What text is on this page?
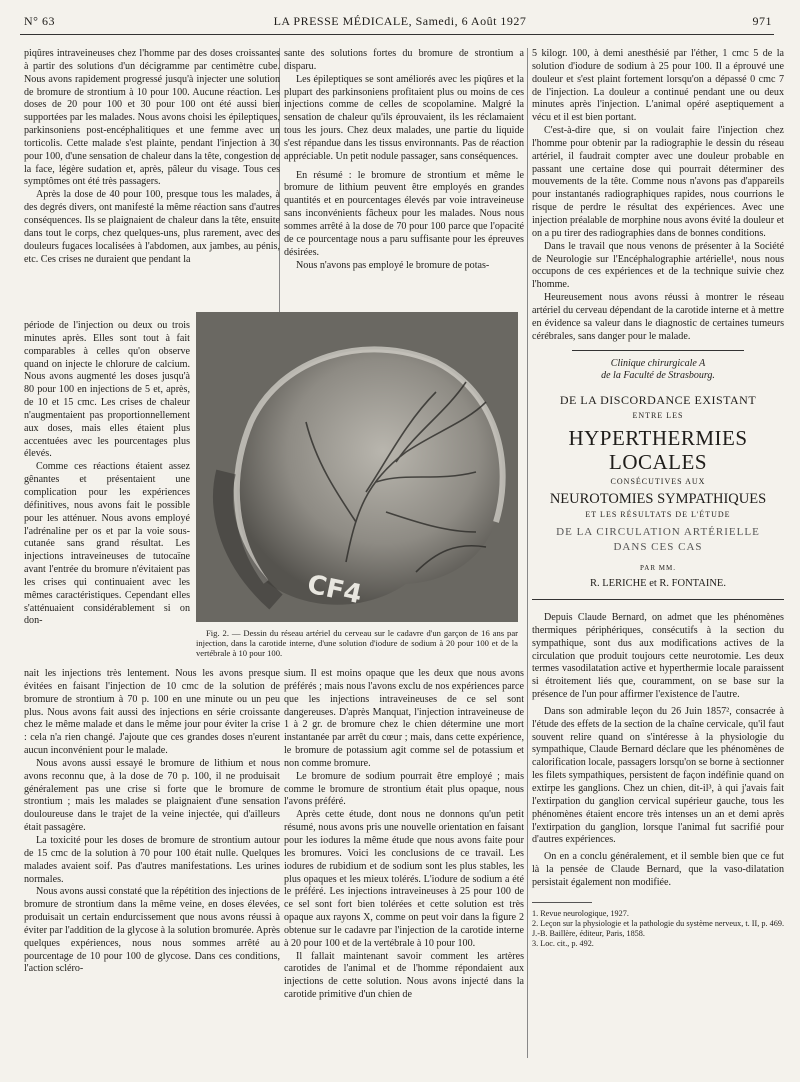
N° 63	LA PRESSE MÉDICALE, Samedi, 6 Août 1927	971

piqûres intraveineuses chez l'homme par des doses croissantes à partir des solutions d'un décigramme par centimètre cube. Nous avons rapidement progressé jusqu'à injecter une solution de bromure de strontium à 10 pour 100. Aucune réaction. Les doses de 20 pour 100 et 30 pour 100 ont été aussi bien supportées par les malades. Nous avons choisi les épileptiques, parkinsoniens post-encéphalitiques et une femme avec un torticolis. Cette malade s'est plainte, pendant l'injection à 30 pour 100, d'une sensation de chaleur dans la tête, congestion de la face, légère sudation et, après, pâleur du visage. Tous ces symptômes ont été très passagers.

Après la dose de 40 pour 100, presque tous les malades, à des degrés divers, ont manifesté la même réaction sans d'autres conséquences. Ils se plaignaient de chaleur dans la tête, ensuite dans tout le corps, chez quelques-uns, plus rarement, avec des douleurs fugaces localisées à l'abdomen, aux jambes, au pénis, etc. Ces crises ne duraient que pendant la

période de l'injection ou deux ou trois minutes après. Elles sont tout à fait comparables à celles qu'on observe quand on injecte le chlorure de calcium. Nous avons augmenté les doses jusqu'à 80 pour 100 en injections de 5 et, après, de 10 et 15 cmc. Les crises de chaleur n'augmentaient pas proportionnellement aux doses, mais elles étaient plus accentuées avec les pourcentages plus élevés.

Comme ces réactions étaient assez gênantes et présentaient une complication pour les expériences définitives, nous avons fait le possible pour les atténuer. Nous avons employé l'adrénaline per os et par la voie sous-cutanée sans grand résultat. Les injections intraveineuses de tutocaïne avant l'entrée du bromure n'évitaient pas les crises qui continuaient avec les mêmes caractéristiques. Cependant elles s'atténuaient considérablement si on don-

sante des solutions fortes du bromure de strontium a disparu.

Les épileptiques se sont améliorés avec les piqûres et la plupart des parkinsoniens profitaient plus ou moins de ces injections comme de celles de scopolamine. Malgré la sensation de chaleur qu'ils éprouvaient, ils les réclamaient tous les jours. Chez deux malades, une partie du liquide s'est répandue dans les tissus environnants. Pas de réaction appréciable. Un petit nodule passager, sans conséquences.

En résumé : le bromure de strontium et même le bromure de lithium peuvent être employés en grandes quantités et en pourcentages élevés par voie intraveineuse sans inconvénients fâcheux pour les malades. Nous nous sommes arrêté à la dose de 70 pour 100 parce que l'opacité de ce pourcentage nous a paru suffisante pour les épreuves désirées.

Nous n'avons pas employé le bromure de potas-

CF4

Fig. 2. — Dessin du réseau artériel du cerveau sur le cadavre d'un garçon de 16 ans par injection, dans la carotide interne, d'une solution d'iodure de sodium à 20 pour 100 et de la vertébrale à 10 pour 100.

nait les injections très lentement. Nous les avons presque évitées en faisant l'injection de 10 cmc de la solution de bromure de strontium à 70 p. 100 en une minute ou un peu plus. Nous avons fait aussi des injections en série croissante chez le même malade et dans le même jour pour éviter la crise : cela n'a rien changé. J'ajoute que ces grandes doses n'eurent aucun inconvénient pour le malade.

Nous avons aussi essayé le bromure de lithium et nous avons reconnu que, à la dose de 70 p. 100, il ne produisait généralement pas une crise si forte que le bromure de strontium ; mais les malades se plaignaient d'une sensation douloureuse dans le trajet de la veine injectée, qui d'ailleurs était passagère.

La toxicité pour les doses de bromure de strontium autour de 15 cmc de la solution à 70 pour 100 était nulle. Quelques malades avaient soif. Pas d'autres manifestations. Les urines normales.

Nous avons aussi constaté que la répétition des injections de bromure de strontium dans la même veine, en doses élevées, produisait un certain endurcissement que nous avons réussi à éviter par l'addition de la glycose à la solution bromurée. Après quelques expériences, nous nous sommes arrêté au pourcentage de 10 pour 100 de glycose. Dans ces conditions, l'action scléro-

sium. Il est moins opaque que les deux que nous avons préférés ; mais nous l'avons exclu de nos expériences parce que les injections intraveineuses de ce sel sont dangereuses. D'après Manquat, l'injection intraveineuse de 1 à 2 gr. de bromure chez le chien détermine une mort instantanée par arrêt du cœur ; mais, dans cette expérience, le bromure de potassium agit comme sel de potassium et non comme bromure.

Le bromure de sodium pourrait être employé ; mais comme le bromure de strontium était plus opaque, nous l'avons préféré.

Après cette étude, dont nous ne donnons qu'un petit résumé, nous avons pris une nouvelle orientation en faisant pour les iodures la même étude que nous avons faite pour les bromures. Voici les conclusions de ce travail. Les iodures de rubidium et de sodium sont les plus stables, les plus opaques et les mieux tolérés. L'iodure de sodium a été le préféré. Les injections intraveineuses à 25 pour 100 de ce sel sont fort bien tolérées et cette solution est très opaque aux rayons X, comme on peut voir dans la figure 2 obtenue sur le cadavre par l'injection de la carotide interne à 20 pour 100 et de la vertébrale à 10 pour 100.

Il fallait maintenant savoir comment les artères carotides de l'animal et de l'homme répondaient aux injections de cette solution. Nous avons injecté dans la carotide primitive d'un chien de

5 kilogr. 100, à demi anesthésié par l'éther, 1 cmc 5 de la solution d'iodure de sodium à 25 pour 100. Il a éprouvé une douleur et s'est plaint fortement lorsqu'on a dépassé 0 cmc 7 de l'injection. La douleur a continué pendant une ou deux minutes après l'injection. L'animal opéré aseptiquement a vécu et il est bien portant.

C'est-à-dire que, si on voulait faire l'injection chez l'homme pour obtenir par la radiographie le dessin du réseau artériel, il faudrait compter avec une douleur probable en passant une certaine dose qui pourrait déterminer des mouvements de la tête. Comme nous n'avons pas d'appareils pour instantanés radiographiques rapides, nous courrions le risque de perdre le résultat des expériences. Avec une injection préalable de morphine nous avons évité la douleur et on a pu tirer des radiographies dans de bonnes conditions.

Dans le travail que nous venons de présenter à la Société de Neurologie sur l'Encéphalographie artérielle¹, nous nous occupons de ces expériences et de la technique suivie chez l'homme.

Heureusement nous avons réussi à montrer le réseau artériel du cerveau dépendant de la carotide interne et à mettre en évidence sa valeur dans le diagnostic de certaines tumeurs cérébrales, sans danger pour le malade.

Clinique chirurgicale A
de la Faculté de Strasbourg.
DE LA DISCORDANCE EXISTANT
ENTRE LES
HYPERTHERMIES LOCALES
CONSÉCUTIVES AUX
NEUROTOMIES SYMPATHIQUES
ET LES RÉSULTATS DE L'ÉTUDE
DE LA CIRCULATION ARTÉRIELLE
DANS CES CAS
PAR MM.
R. LERICHE et R. FONTAINE.

Depuis Claude Bernard, on admet que les phénomènes thermiques périphériques, consécutifs à la section du sympathique, sont dus aux modifications actives de la circulation que produit toujours cette neurotomie. Les deux termes vasodilatation active et hyperthermie locale paraissent si étroitement liés que, couramment, on se base sur la présence de l'un pour affirmer l'existence de l'autre.

Dans son admirable leçon du 26 Juin 1857², consacrée à l'étude des effets de la section de la chaîne cervicale, qu'il faut souvent relire quand on s'intéresse à la physiologie du sympathique, Claude Bernard déclare que les phénomènes de calorification locale, passagers lorsqu'on se borne à sectionner les filets sympathiques, persistent de façon indéfinie quand on extirpe les ganglions. Chez un chien, dit-il³, à qui j'avais fait l'extirpation du ganglion cervical supérieur gauche, tous les phénomènes étaient encore très intenses un an et demi après l'extirpation du ganglion, lorsque l'animal fut sacrifié pour d'autres expériences.

On en a conclu généralement, et il semble bien que ce fut là la pensée de Claude Bernard, que la vaso-dilatation persistait également non modifiée.

1. Revue neurologique, 1927.
2. Leçon sur la physiologie et la pathologie du système nerveux, t. II, p. 469. J.-B. Baillère, éditeur, Paris, 1858.
3. Loc. cit., p. 492.
